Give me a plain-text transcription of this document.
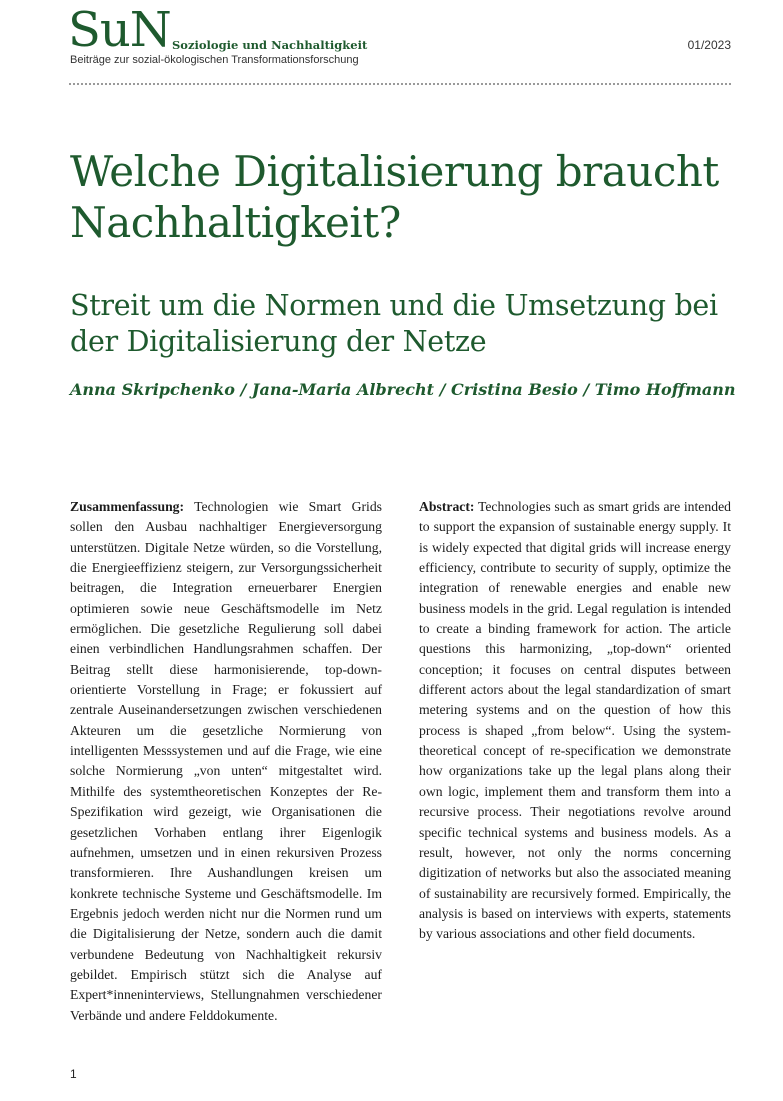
SuN Soziologie und Nachhaltigkeit
Beiträge zur sozial-ökologischen Transformationsforschung
01/2023
Welche Digitalisierung braucht Nachhaltigkeit?
Streit um die Normen und die Umsetzung bei der Digitalisierung der Netze
Anna Skripchenko / Jana-Maria Albrecht / Cristina Besio / Timo Hoffmann
Zusammenfassung: Technologien wie Smart Grids sollen den Ausbau nachhaltiger Energieversorgung unterstützen. Digitale Netze würden, so die Vorstellung, die Energieeffizienz steigern, zur Versorgungssicherheit beitragen, die Integration erneuerbarer Energien optimieren sowie neue Geschäftsmodelle im Netz ermöglichen. Die gesetzliche Regulierung soll dabei einen verbindlichen Handlungsrahmen schaffen. Der Beitrag stellt diese harmonisierende, top-down-orientierte Vorstellung in Frage; er fokussiert auf zentrale Auseinandersetzungen zwischen verschiedenen Akteuren um die gesetzliche Normierung von intelligenten Messsystemen und auf die Frage, wie eine solche Normierung „von unten“ mitgestaltet wird. Mithilfe des systemtheoretischen Konzeptes der Re-Spezifikation wird gezeigt, wie Organisationen die gesetzlichen Vorhaben entlang ihrer Eigenlogik aufnehmen, umsetzen und in einen rekursiven Prozess transformieren. Ihre Aushandlungen kreisen um konkrete technische Systeme und Geschäftsmodelle. Im Ergebnis jedoch werden nicht nur die Normen rund um die Digitalisierung der Netze, sondern auch die damit verbundene Bedeutung von Nachhaltigkeit rekursiv gebildet. Empirisch stützt sich die Analyse auf Expert*inneninterviews, Stellungnahmen verschiedener Verbände und andere Felddokumente.
Abstract: Technologies such as smart grids are intended to support the expansion of sustainable energy supply. It is widely expected that digital grids will increase energy efficiency, contribute to security of supply, optimize the integration of renewable energies and enable new business models in the grid. Legal regulation is intended to create a binding framework for action. The article questions this harmonizing, „top-down“ oriented conception; it focuses on central disputes between different actors about the legal standardization of smart metering systems and on the question of how this process is shaped „from below“. Using the system-theoretical concept of re-specification we demonstrate how organizations take up the legal plans along their own logic, implement them and transform them into a recursive process. Their negotiations revolve around specific technical systems and business models. As a result, however, not only the norms concerning digitization of networks but also the associated meaning of sustainability are recursively formed. Empirically, the analysis is based on interviews with experts, statements by various associations and other field documents.
1
